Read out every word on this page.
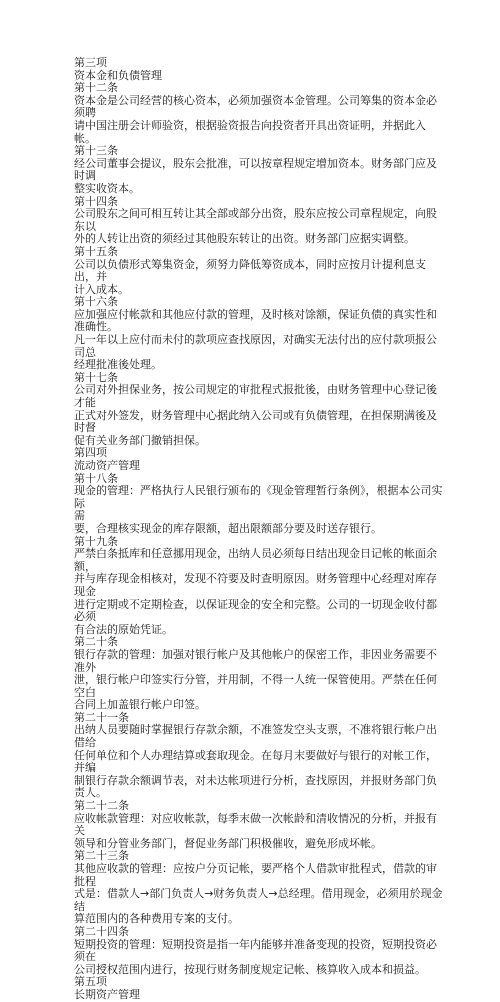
第三项
资本金和负债管理
第十二条
资本金是公司经营的核心资本，必须加强资本金管理。公司筹集的资本金必须聘
请中国注册会计师验资，根据验资报告向投资者开具出资证明，并据此入帐。
第十三条
经公司董事会提议，股东会批准，可以按章程规定增加资本。财务部门应及时调
整实收资本。
第十四条
公司股东之间可相互转让其全部或部分出资，股东应按公司章程规定，向股东以
外的人转让出资的须经过其他股东转让的出资。财务部门应据实调整。
第十五条
公司以负债形式筹集资金，须努力降低筹资成本，同时应按月计提利息支出，并
计入成本。
第十六条
应加强应付帐款和其他应付款的管理，及时核对馀额，保证负债的真实性和准确性。
凡一年以上应付而未付的款项应查找原因，对确实无法付出的应付款项报公司总
经理批准後处理。
第十七条
公司对外担保业务，按公司规定的审批程式报批後，由财务管理中心登记後才能
正式对外签发，财务管理中心据此纳入公司或有负债管理，在担保期满後及时督
促有关业务部门撤销担保。
第四项
流动资产管理
第十八条
现金的管理：严格执行人民银行颁布的《现金管理暂行条例》，根据本公司实际
需
要，合理核实现金的库存限额，超出限额部分要及时送存银行。
第十九条
严禁白条抵库和任意挪用现金，出纳人员必须每日结出现金日记帐的帐面余额，
并与库存现金相核对，发现不符要及时查明原因。财务管理中心经理对库存现金
进行定期或不定期检查，以保证现金的安全和完整。公司的一切现金收付都必须
有合法的原始凭证。
第二十条
银行存款的管理：加强对银行帐户及其他帐户的保密工作，非因业务需要不准外
泄，银行帐户印签实行分管，并用制，不得一人统一保管使用。严禁在任何空白
合同上加盖银行帐户印签。
第二十一条
出纳人员要随时掌握银行存款余额，不准签发空头支票，不准将银行帐户出借给
任何单位和个人办理结算或套取现金。在每月末要做好与银行的对帐工作，并编
制银行存款余额调节表，对未达帐项进行分析，查找原因，并报财务部门负责人。
第二十二条
应收帐款管理：对应收帐款，每季末做一次帐龄和清收情况的分析，并报有关
领导和分管业务部门，督促业务部门积极催收，避免形成坏帐。
第二十三条
其他应收款的管理：应按户分页记帐，要严格个人借款审批程式，借款的审批程
式是：借款人→部门负责人→财务负责人→总经理。借用现金，必须用於现金结
算范围内的各种费用专案的支付。
第二十四条
短期投资的管理：短期投资是指一年内能够并准备变现的投资，短期投资必须在
公司授权范围内进行，按现行财务制度规定记帐、核算收入成本和损益。
第五项
长期资产管理
